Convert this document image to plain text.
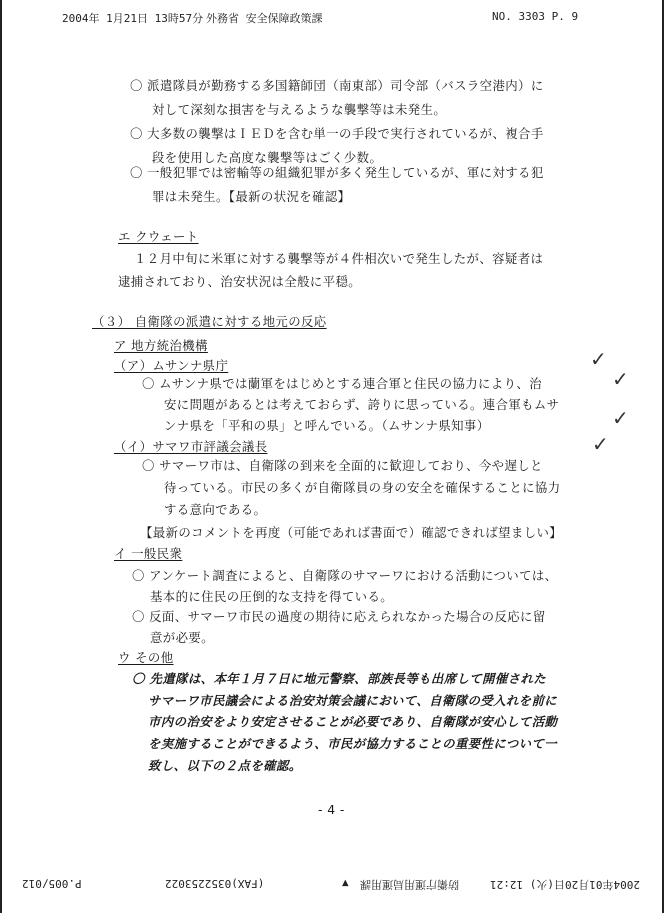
2004年 1月21日 13時57分 外務省 安全保障政策課	NO. 3303 P. 9
〇 派遣隊員が勤務する多国籍師団（南東部）司令部（バスラ空港内）に
対して深刻な損害を与えるような襲撃等は未発生。
〇 大多数の襲撃はＩＥＤを含む単一の手段で実行されているが、複合手
段を使用した高度な襲撃等はごく少数。
〇 一般犯罪では密輸等の組織犯罪が多く発生しているが、軍に対する犯
罪は未発生。【最新の状況を確認】
エ クウェート
１２月中旬に米軍に対する襲撃等が４件相次いで発生したが、容疑者は
逮捕されており、治安状況は全般に平穏。
（３） 自衛隊の派遣に対する地元の反応
ア 地方統治機構
（ア）ムサンナ県庁
〇 ムサンナ県では蘭軍をはじめとする連合軍と住民の協力により、治
安に問題があるとは考えておらず、誇りに思っている。連合軍もムサ
ンナ県を「平和の県」と呼んでいる。（ムサンナ県知事）
（イ）サマワ市評議会議長
〇 サマーワ市は、自衛隊の到来を全面的に歓迎しており、今や遅しと
待っている。市民の多くが自衛隊員の身の安全を確保することに協力
する意向である。
【最新のコメントを再度（可能であれば書面で）確認できれば望ましい】
イ 一般民衆
〇 アンケート調査によると、自衛隊のサマーワにおける活動については、
基本的に住民の圧倒的な支持を得ている。
〇 反面、サマーワ市民の過度の期待に応えられなかった場合の反応に留
意が必要。
ウ その他
〇 先遣隊は、本年１月７日に地元警察、部族長等も出席して開催された
サマーワ市民議会による治安対策会議において、自衛隊の受入れを前に
市内の治安をより安定させることが必要であり、自衛隊が安心して活動
を実施することができるよう、市民が協力することの重要性について一
致し、以下の２点を確認。
- 4 -
✓
✓
✓
✓
2004年01月20日(火) 12:21
防衛庁運用局運用課
▼
(FAX)0352253022
P.005/012
